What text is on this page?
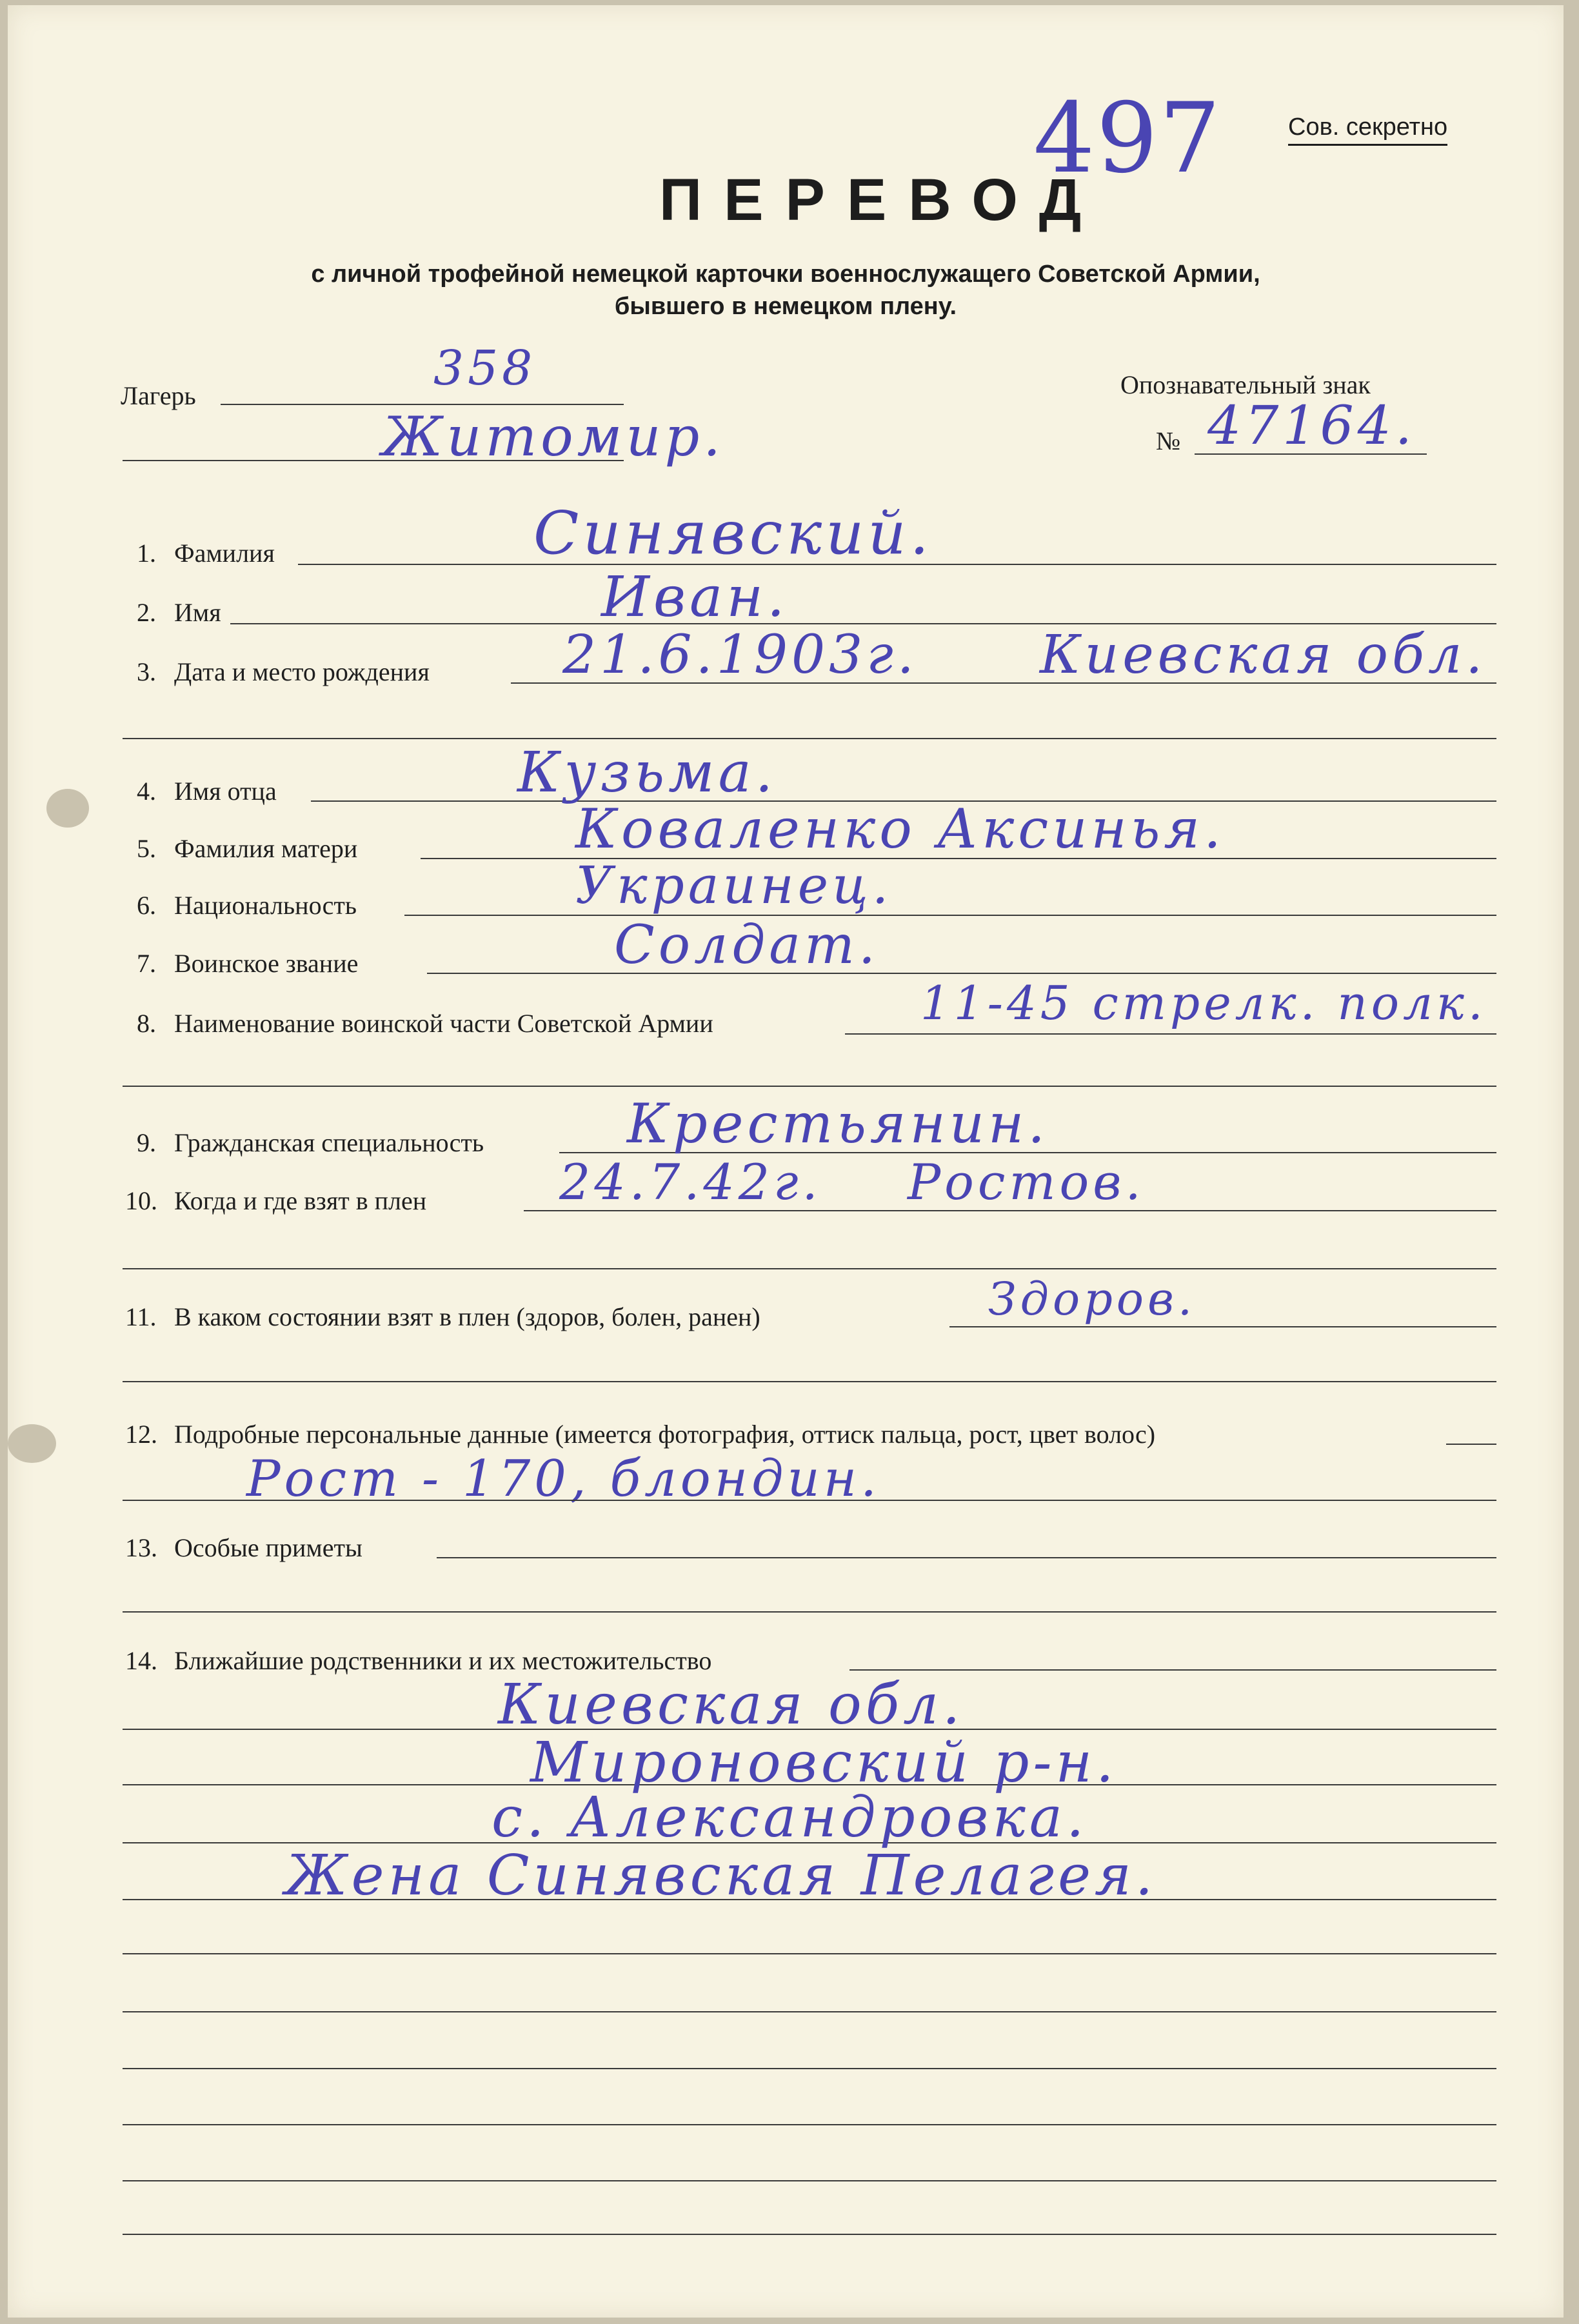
Сов. секретно
497
ПЕРЕВОД
с личной трофейной немецкой карточки военнослужащего Советской Армии,
бывшего в немецком плену.
Лагерь	358
Житомир.
Опознавательный знак
№ 47164.
1. Фамилия	Синявский.
2. Имя	Иван.
3. Дата и место рождения	21.6.1903г. Киевская обл.
4. Имя отца	Кузьма.
5. Фамилия матери	Коваленко Аксинья.
6. Национальность	Украинец.
7. Воинское звание	Солдат.
8. Наименование воинской части Советской Армии	11-45 стрелк. полк.
9. Гражданская специальность	Крестьянин.
10. Когда и где взят в плен	24.7.42г. Ростов.
11. В каком состоянии взят в плен (здоров, болен, ранен)	Здоров.
12. Подробные персональные данные (имеется фотография, оттиск пальца, рост, цвет волос)
Рост - 170, блондин.
13. Особые приметы
14. Ближайшие родственники и их местожительство
Киевская обл.
Мироновский р-н.
с. Александровка.
Жена Синявская Пелагея.
